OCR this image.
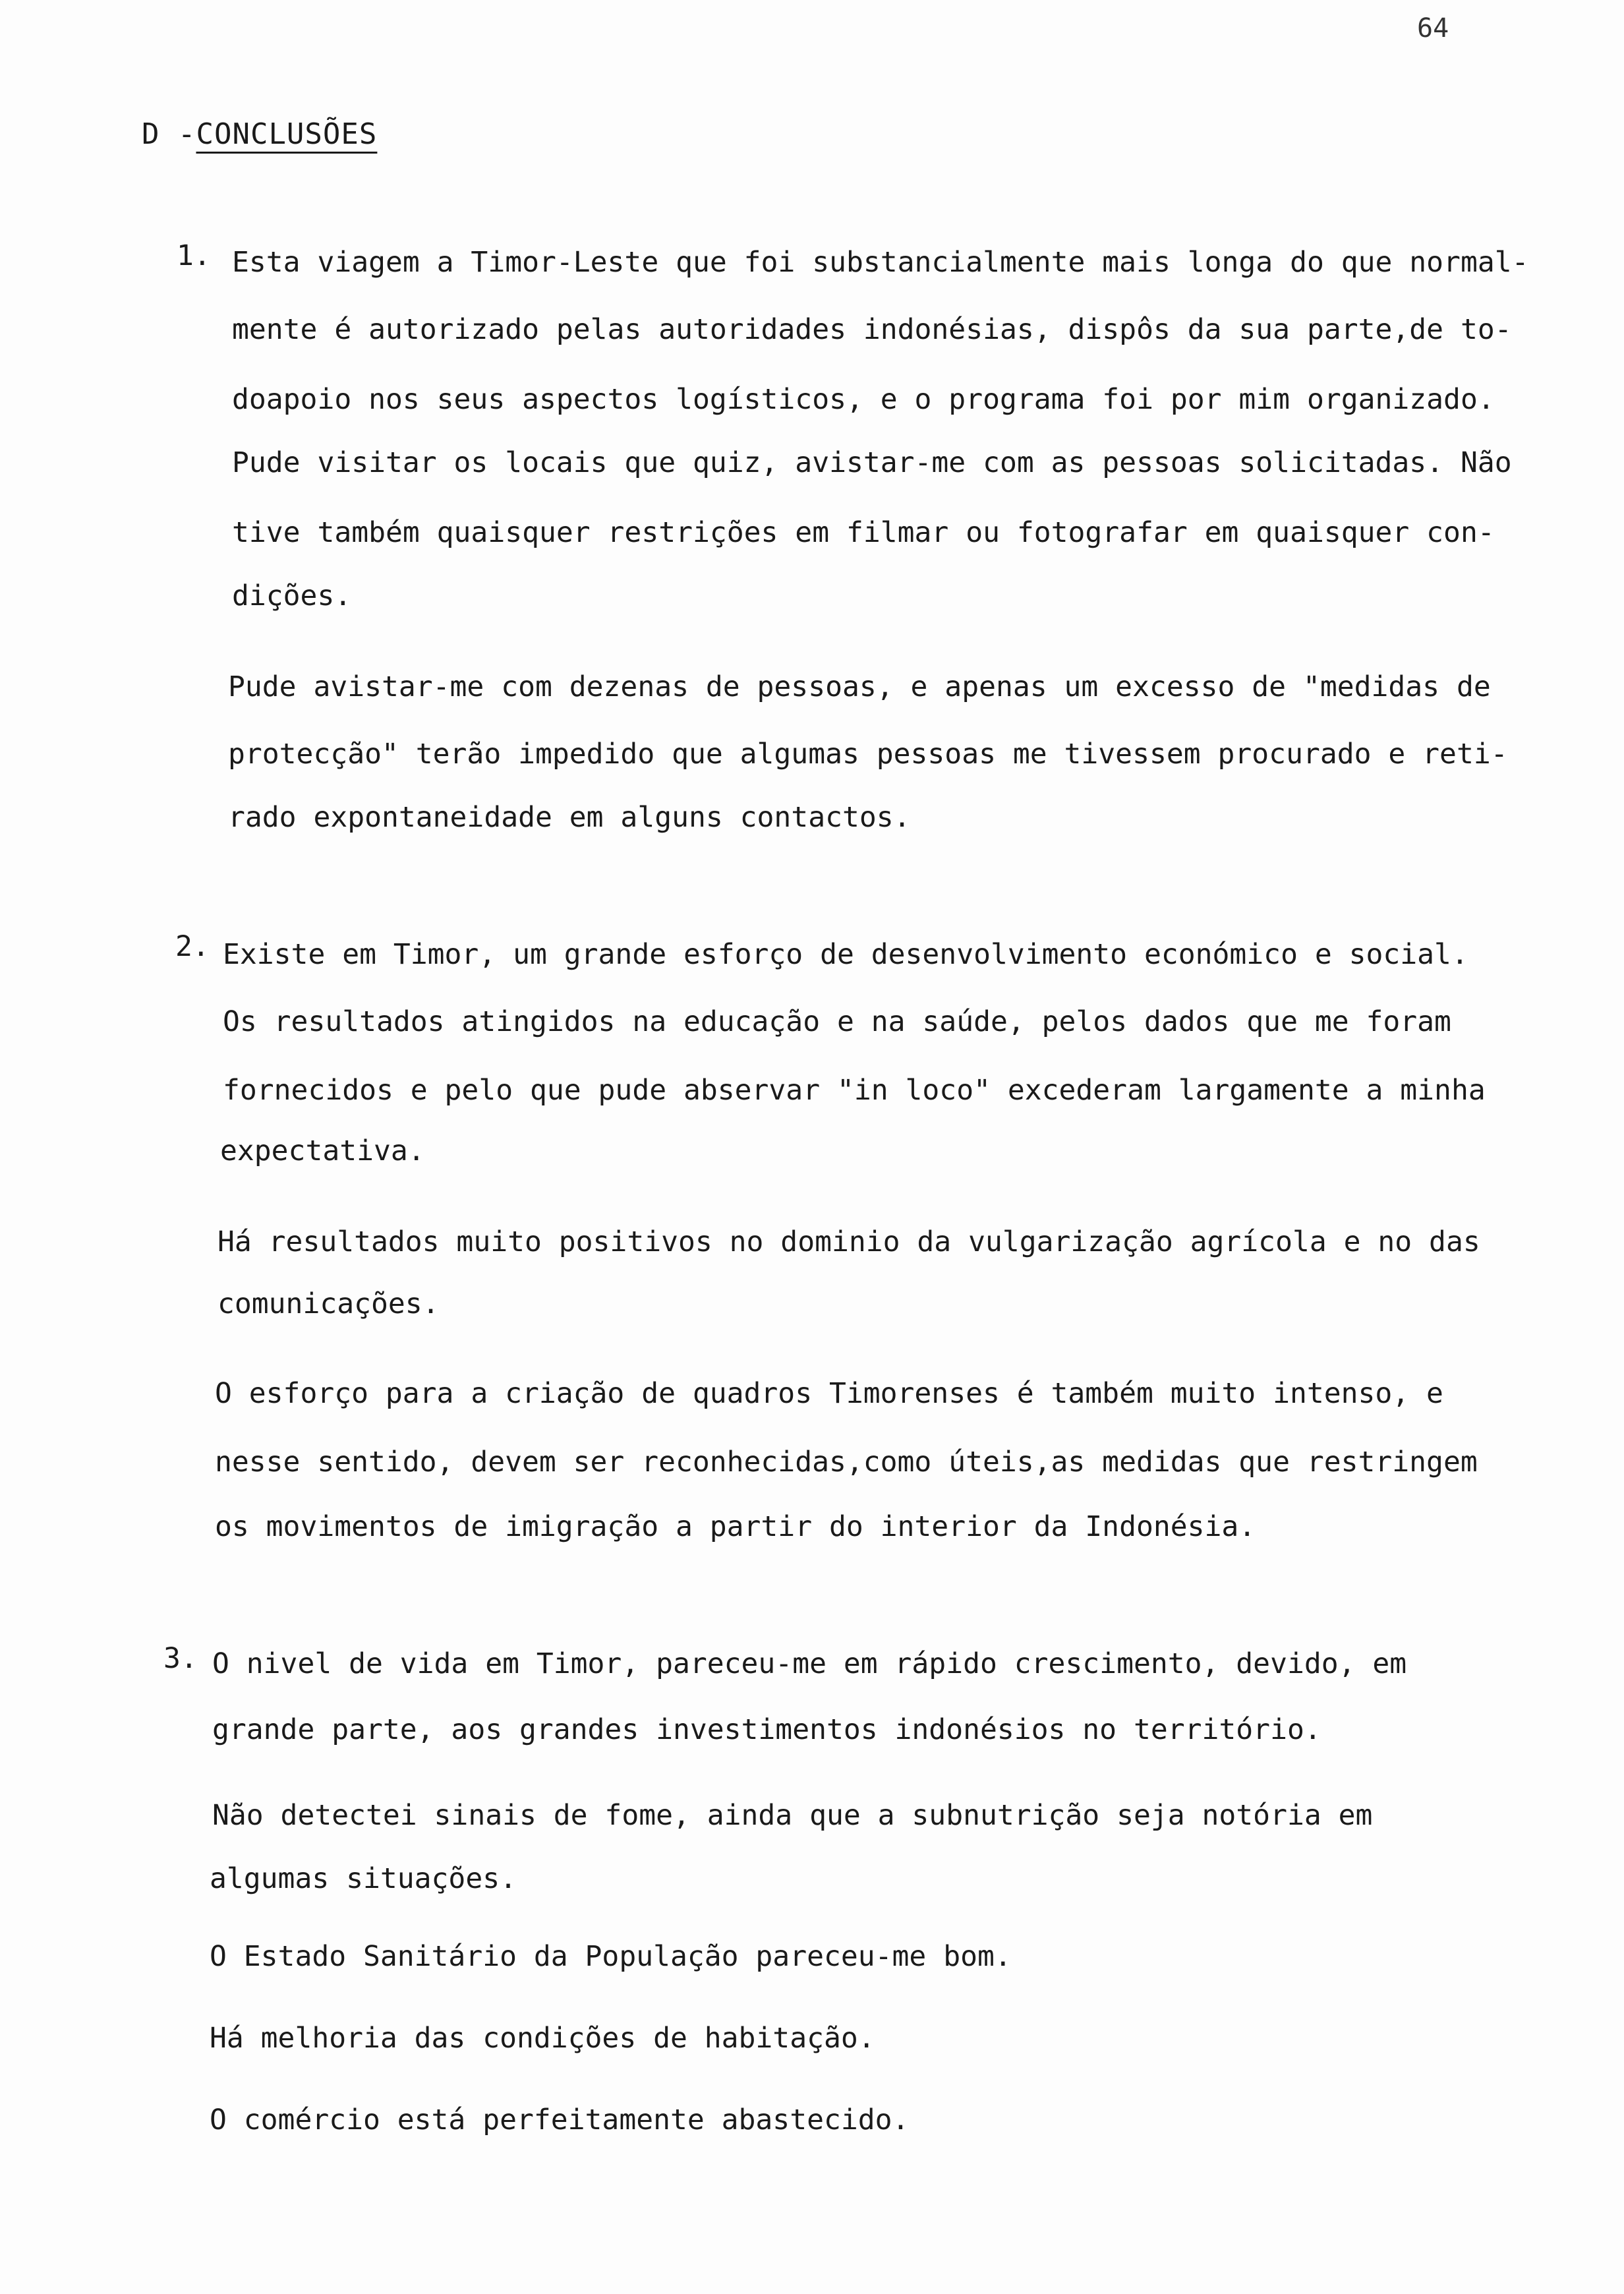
64
D -CONCLUSÕES
1. Esta viagem a Timor-Leste que foi substancialmente mais longa do que normal-
mente é autorizado pelas autoridades indonésias, dispôs da sua parte,de to-
doapoio nos seus aspectos logísticos, e o programa foi por mim organizado.
Pude visitar os locais que quiz, avistar-me com as pessoas solicitadas. Não
tive também quaisquer restrições em filmar ou fotografar em quaisquer con-
dições.
Pude avistar-me com dezenas de pessoas, e apenas um excesso de "medidas de
protecção" terão impedido que algumas pessoas me tivessem procurado e reti-
rado expontaneidade em alguns contactos.
2. Existe em Timor, um grande esforço de desenvolvimento económico e social.
Os resultados atingidos na educação e na saúde, pelos dados que me foram
fornecidos e pelo que pude abservar "in loco" excederam largamente a minha
expectativa.
Há resultados muito positivos no dominio da vulgarização agrícola e no das
comunicações.
O esforço para a criação de quadros Timorenses é também muito intenso, e
nesse sentido, devem ser reconhecidas,como úteis,as medidas que restringem
os movimentos de imigração a partir do interior da Indonésia.
3. O nivel de vida em Timor, pareceu-me em rápido crescimento, devido, em
grande parte, aos grandes investimentos indonésios no território.
Não detectei sinais de fome, ainda que a subnutrição seja notória em
algumas situações.
O Estado Sanitário da População pareceu-me bom.
Há melhoria das condições de habitação.
O comércio está perfeitamente abastecido.
